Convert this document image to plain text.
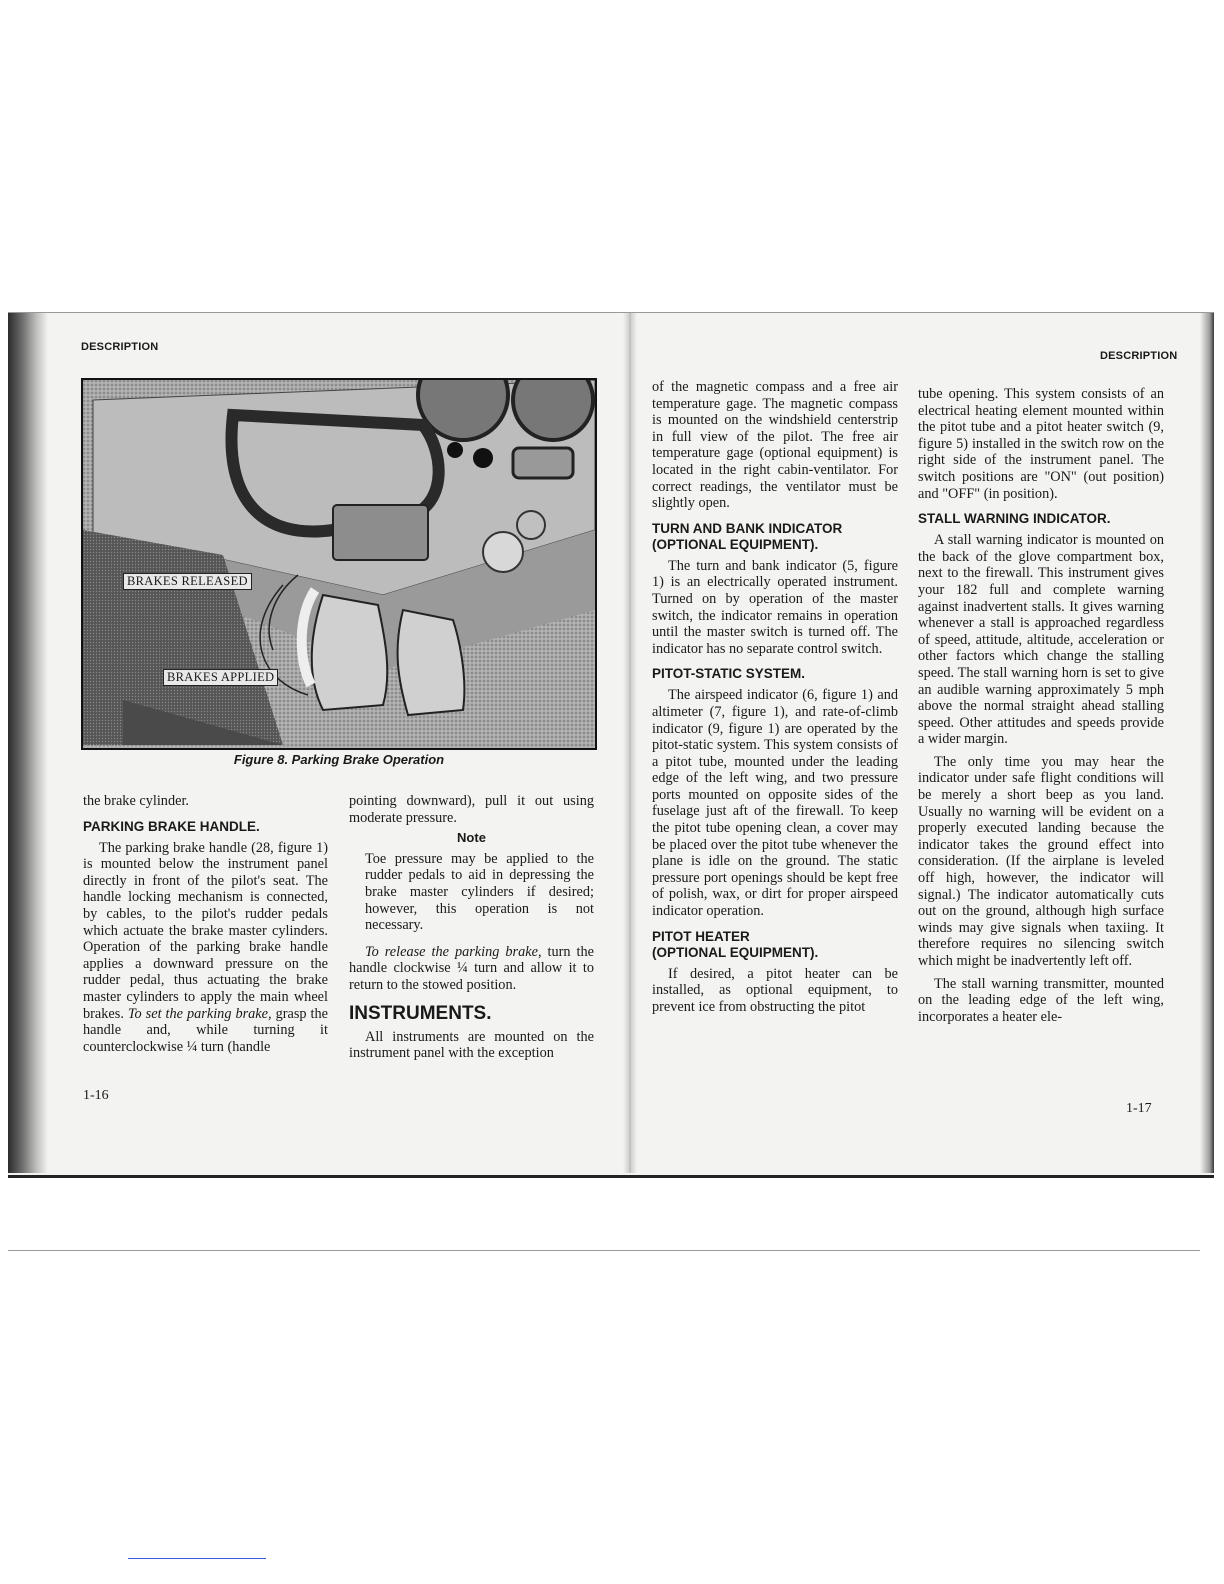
DESCRIPTION
BRAKES RELEASED
BRAKES APPLIED
Figure 8. Parking Brake Operation

the brake cylinder.

PARKING BRAKE HANDLE.

The parking brake handle (28, figure 1) is mounted below the instrument panel directly in front of the pilot's seat. The handle locking mechanism is connected, by cables, to the pilot's rudder pedals which actuate the brake master cylinders. Operation of the parking brake handle applies a downward pressure on the rudder pedal, thus actuating the brake master cylinders to apply the main wheel brakes. To set the parking brake, grasp the handle and, while turning it counterclockwise ¼ turn (handle

pointing downward), pull it out using moderate pressure.

Note

Toe pressure may be applied to the rudder pedals to aid in depressing the brake master cylinders if desired; however, this operation is not necessary.

To release the parking brake, turn the handle clockwise ¼ turn and allow it to return to the stowed position.

INSTRUMENTS.

All instruments are mounted on the instrument panel with the exception

1-16
DESCRIPTION

of the magnetic compass and a free air temperature gage. The magnetic compass is mounted on the windshield centerstrip in full view of the pilot. The free air temperature gage (optional equipment) is located in the right cabin-ventilator. For correct readings, the ventilator must be slightly open.

TURN AND BANK INDICATOR
(OPTIONAL EQUIPMENT).

The turn and bank indicator (5, figure 1) is an electrically operated instrument. Turned on by operation of the master switch, the indicator remains in operation until the master switch is turned off. The indicator has no separate control switch.

PITOT-STATIC SYSTEM.

The airspeed indicator (6, figure 1) and altimeter (7, figure 1), and rate-of-climb indicator (9, figure 1) are operated by the pitot-static system. This system consists of a pitot tube, mounted under the leading edge of the left wing, and two pressure ports mounted on opposite sides of the fuselage just aft of the firewall. To keep the pitot tube opening clean, a cover may be placed over the pitot tube whenever the plane is idle on the ground. The static pressure port openings should be kept free of polish, wax, or dirt for proper airspeed indicator operation.

PITOT HEATER
(OPTIONAL EQUIPMENT).

If desired, a pitot heater can be installed, as optional equipment, to prevent ice from obstructing the pitot

tube opening. This system consists of an electrical heating element mounted within the pitot tube and a pitot heater switch (9, figure 5) installed in the switch row on the right side of the instrument panel. The switch positions are "ON" (out position) and "OFF" (in position).

STALL WARNING INDICATOR.

A stall warning indicator is mounted on the back of the glove compartment box, next to the firewall. This instrument gives your 182 full and complete warning against inadvertent stalls. It gives warning whenever a stall is approached regardless of speed, attitude, altitude, acceleration or other factors which change the stalling speed. The stall warning horn is set to give an audible warning approximately 5 mph above the normal straight ahead stalling speed. Other attitudes and speeds provide a wider margin.

The only time you may hear the indicator under safe flight conditions will be merely a short beep as you land. Usually no warning will be evident on a properly executed landing because the indicator takes the ground effect into consideration. (If the airplane is leveled off high, however, the indicator will signal.) The indicator automatically cuts out on the ground, although high surface winds may give signals when taxiing. It therefore requires no silencing switch which might be inadvertently left off.

The stall warning transmitter, mounted on the leading edge of the left wing, incorporates a heater ele-

1-17
